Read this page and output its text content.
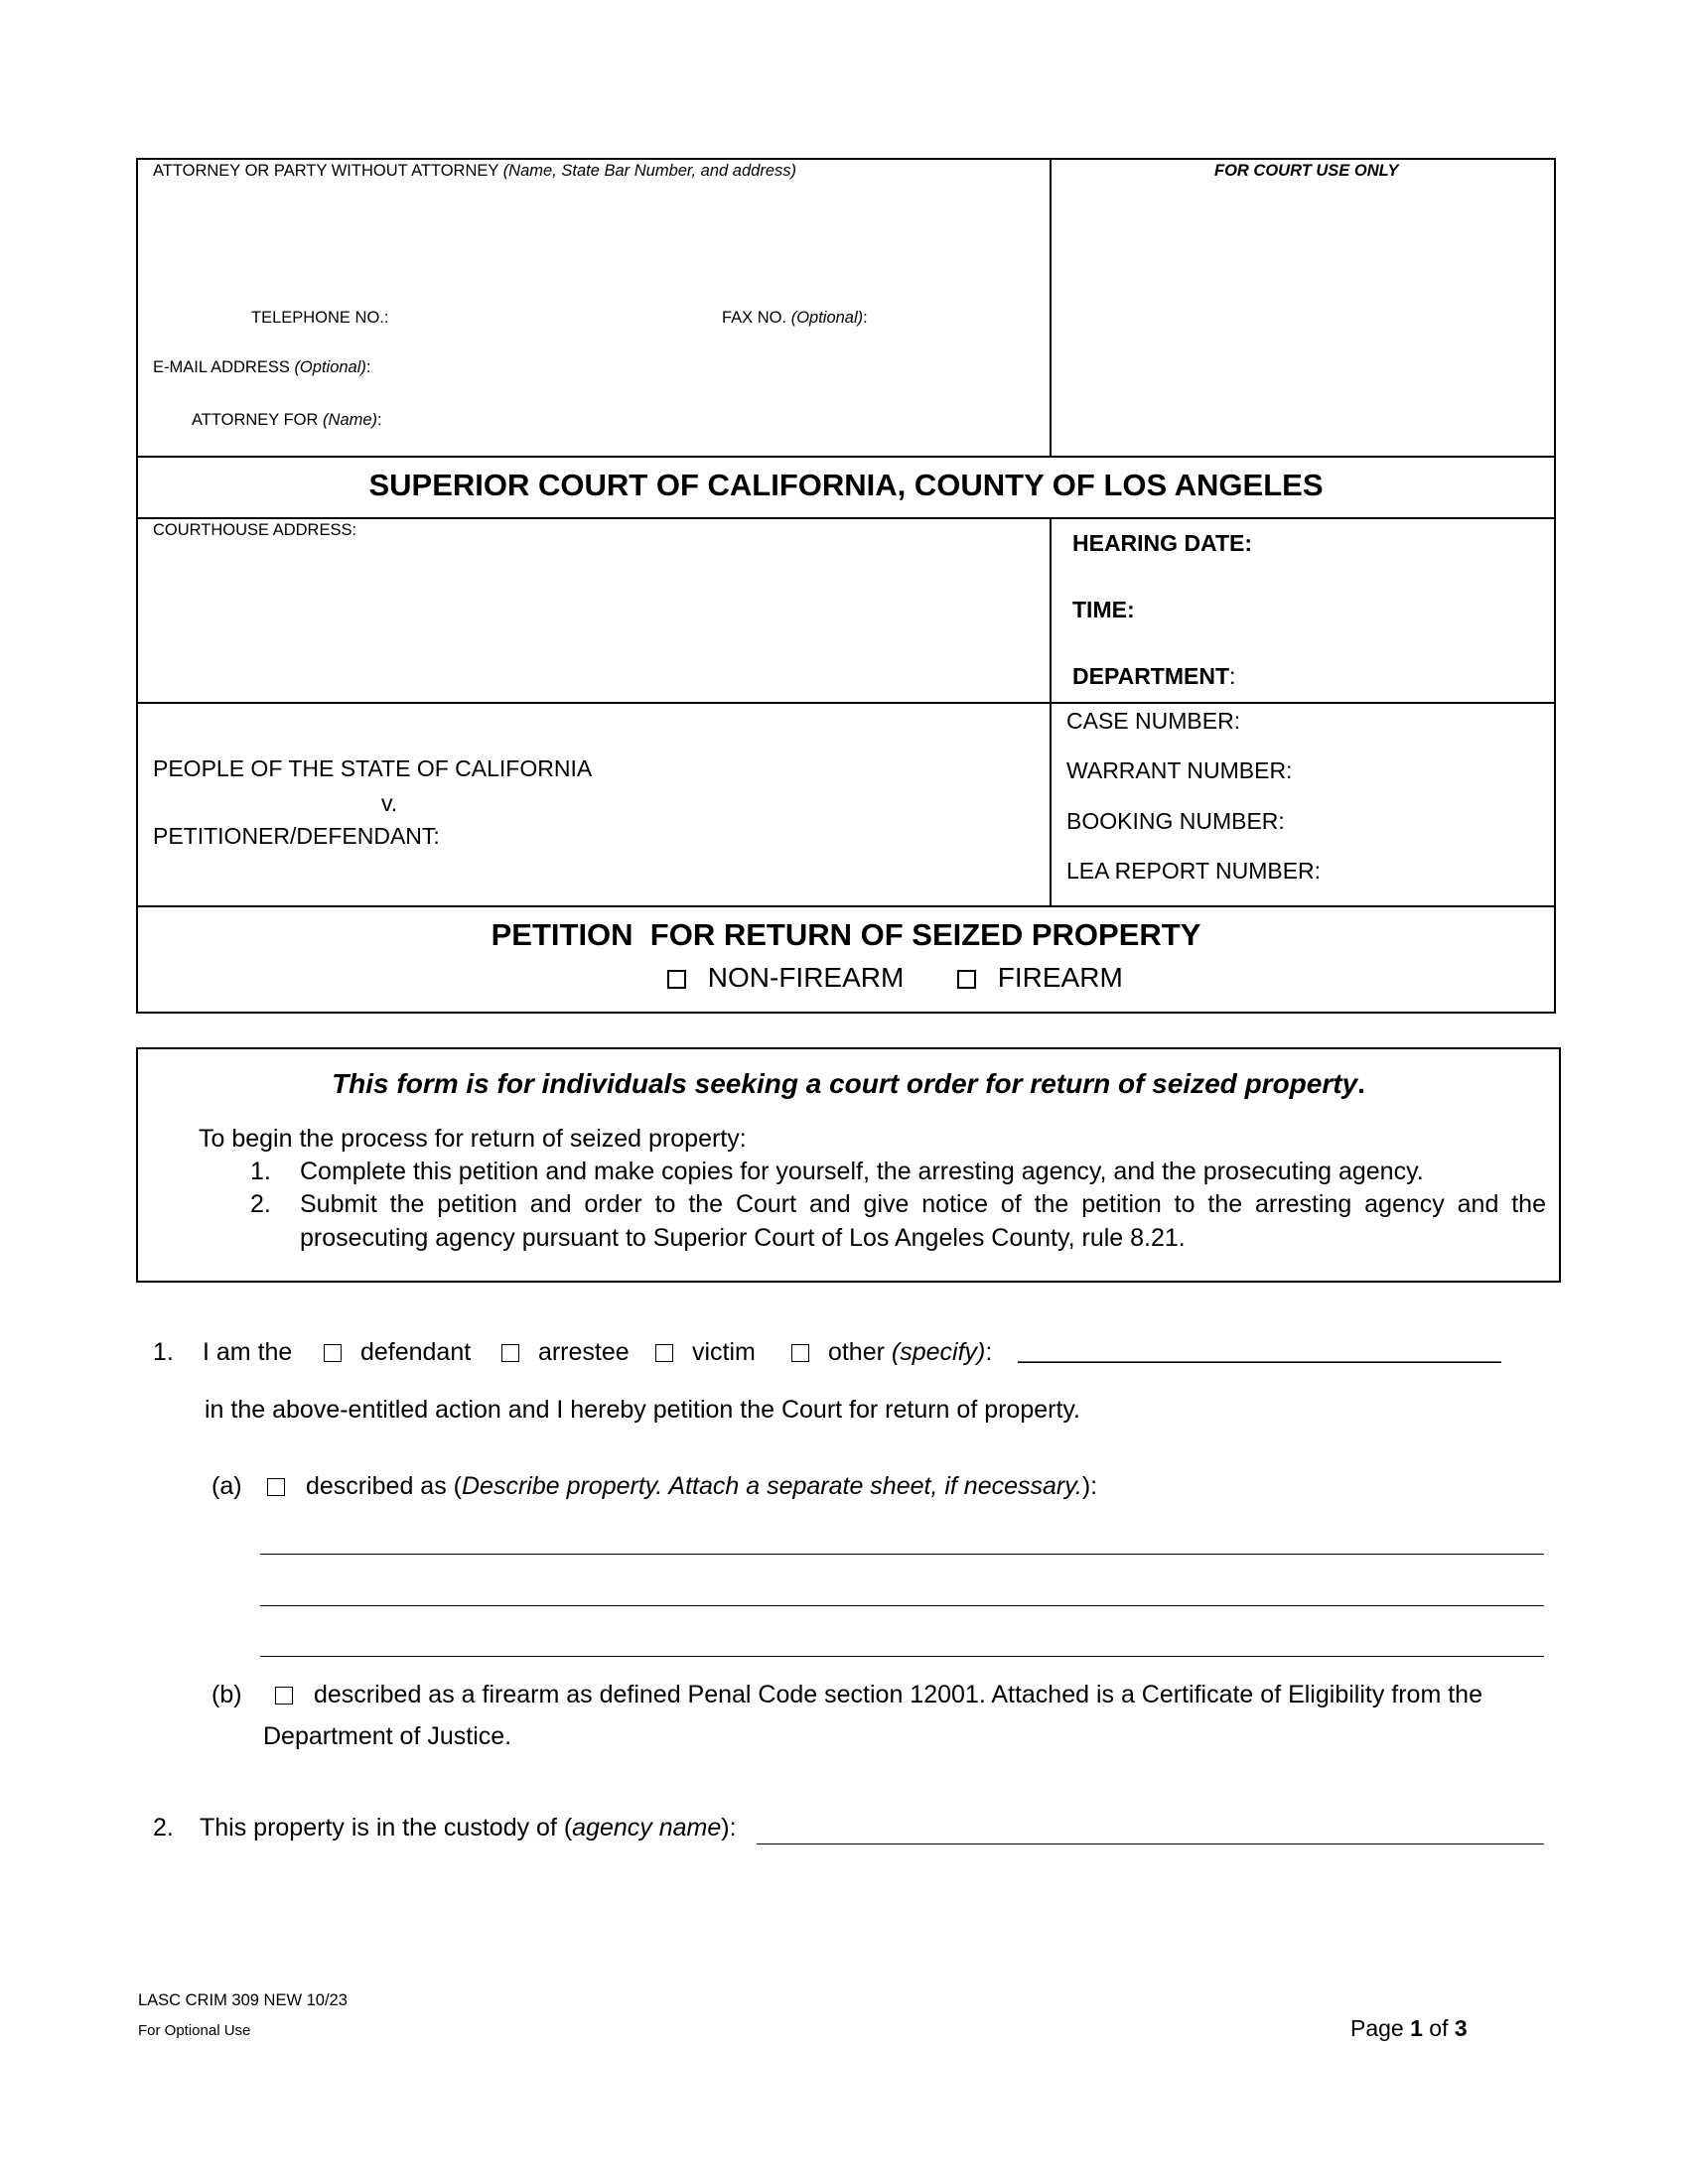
ATTORNEY OR PARTY WITHOUT ATTORNEY (Name, State Bar Number, and address)	FOR COURT USE ONLY
TELEPHONE NO.:	FAX NO. (Optional):
E-MAIL ADDRESS (Optional):
ATTORNEY FOR (Name):
SUPERIOR COURT OF CALIFORNIA, COUNTY OF LOS ANGELES
COURTHOUSE ADDRESS:	HEARING DATE:
TIME:
DEPARTMENT:
PEOPLE OF THE STATE OF CALIFORNIA
v.
PETITIONER/DEFENDANT:
CASE NUMBER:
WARRANT NUMBER:
BOOKING NUMBER:
LEA REPORT NUMBER:
PETITION  FOR RETURN OF SEIZED PROPERTY
NON-FIREARM	FIREARM
This form is for individuals seeking a court order for return of seized property.
To begin the process for return of seized property:
1. Complete this petition and make copies for yourself, the arresting agency, and the prosecuting agency.
2. Submit the petition and order to the Court and give notice of the petition to the arresting agency and the
prosecuting agency pursuant to Superior Court of Los Angeles County, rule 8.21.
1. I am the	defendant	arrestee	victim	other (specify): ___________________________________
in the above-entitled action and I hereby petition the Court for return of property.
(a)	described as (Describe property. Attach a separate sheet, if necessary.):
(b)	described as a firearm as defined Penal Code section 12001. Attached is a Certificate of Eligibility from the
Department of Justice.
2. This property is in the custody of (agency name):
LASC CRIM 309 NEW 10/23
For Optional Use	Page 1 of 3
